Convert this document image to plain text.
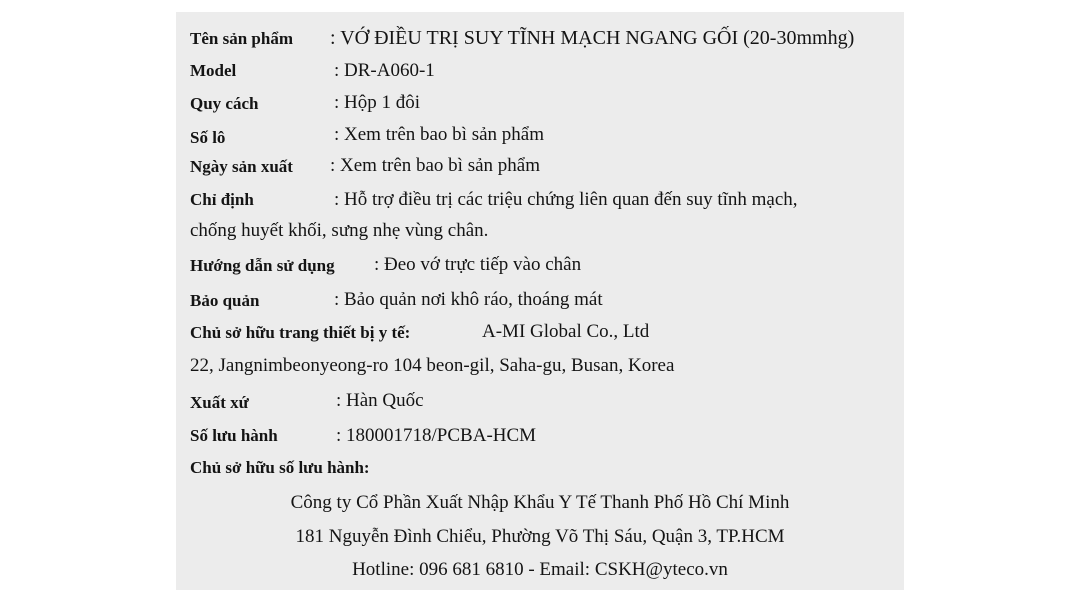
Tên sản phẩm : VỚ ĐIỀU TRỊ SUY TĨNH MẠCH NGANG GỐI (20-30mmhg)
Model	: DR-A060-1
Quy cách	: Hộp 1 đôi
Số lô	: Xem trên bao bì sản phẩm
Ngày sản xuất : Xem trên bao bì sản phẩm
Chỉ định	: Hỗ trợ điều trị các triệu chứng liên quan đến suy tĩnh mạch,
chống huyết khối, sưng nhẹ vùng chân.
Hướng dẫn sử dụng : Đeo vớ trực tiếp vào chân
Bảo quản	: Bảo quản nơi khô ráo, thoáng mát
Chủ sở hữu trang thiết bị y tế:	A-MI Global Co., Ltd
22, Jangnimbeonyeong-ro 104 beon-gil, Saha-gu, Busan, Korea
Xuất xứ	: Hàn Quốc
Số lưu hành	: 180001718/PCBA-HCM
Chủ sở hữu số lưu hành:
Công ty Cổ Phần Xuất Nhập Khẩu Y Tế Thanh Phố Hồ Chí Minh
181 Nguyễn Đình Chiểu, Phường Võ Thị Sáu, Quận 3, TP.HCM
Hotline: 096 681 6810 - Email: CSKH@yteco.vn
